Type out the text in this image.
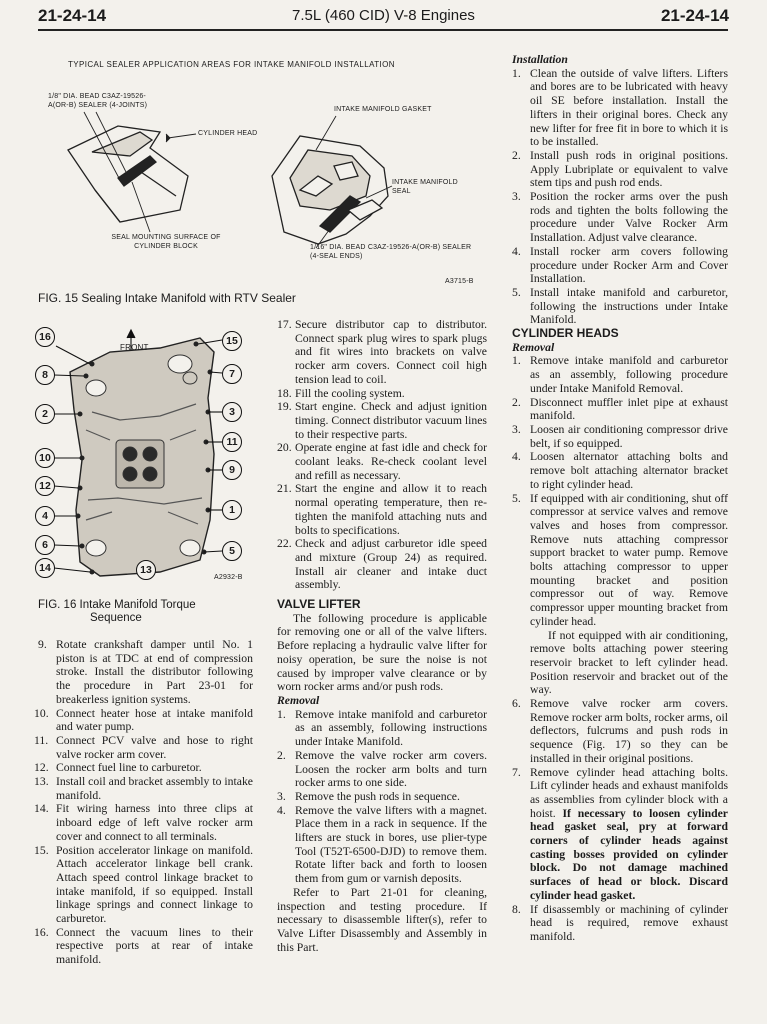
21-24-14	7.5L (460 CID) V-8 Engines	21-24-14
TYPICAL SEALER APPLICATION AREAS FOR INTAKE MANIFOLD INSTALLATION
1/8" DIA. BEAD C3AZ-19526-A(OR-B) SEALER (4-JOINTS)
CYLINDER HEAD
SEAL MOUNTING SURFACE OF CYLINDER BLOCK
INTAKE MANIFOLD GASKET
INTAKE MANIFOLD SEAL
1/16" DIA. BEAD C3AZ-19526-A(OR-B) SEALER (4-SEAL ENDS)
A3715-B
FIG. 15 Sealing Intake Manifold with RTV Sealer
FRONT
16	15
8	7
2	3
11
10
9
12
1
4
6	5
14	13
A2932-B
FIG. 16 Intake Manifold Torque
Sequence

9. Rotate crankshaft damper until No. 1 piston is at TDC at end of compression stroke. Install the distributor following the procedure in Part 23-01 for breakerless ignition systems.

10. Connect heater hose at intake manifold and water pump.

11. Connect PCV valve and hose to right valve rocker arm cover.

12. Connect fuel line to carburetor.

13. Install coil and bracket assembly to intake manifold.

14. Fit wiring harness into three clips at inboard edge of left valve rocker arm cover and connect to all terminals.

15. Position accelerator linkage on manifold. Attach accelerator linkage bell crank. Attach speed control linkage bracket to intake manifold, if so equipped. Install linkage springs and connect linkage to carburetor.

16. Connect the vacuum lines to their respective ports at rear of intake manifold.

17. Secure distributor cap to distributor. Connect spark plug wires to spark plugs and fit wires into brackets on valve rocker arm covers. Connect coil high tension lead to coil.

18. Fill the cooling system.

19. Start engine. Check and adjust ignition timing. Connect distributor vacuum lines to their respective parts.

20. Operate engine at fast idle and check for coolant leaks. Re-check coolant level and refill as necessary.

21. Start the engine and allow it to reach normal operating temperature, then re-tighten the manifold attaching nuts and bolts to specifications.

22. Check and adjust carburetor idle speed and mixture (Group 24) as required. Install air cleaner and intake duct assembly.

VALVE LIFTER

The following procedure is applicable for removing one or all of the valve lifters. Before replacing a hydraulic valve lifter for noisy operation, be sure the noise is not caused by improper valve clearance or by worn rocker arms and/or push rods.

Removal

1. Remove intake manifold and carburetor as an assembly, following instructions under Intake Manifold.

2. Remove the valve rocker arm covers. Loosen the rocker arm bolts and turn rocker arms to one side.

3. Remove the push rods in sequence.

4. Remove the valve lifters with a magnet. Place them in a rack in sequence. If the lifters are stuck in bores, use plier-type Tool (T52T-6500-DJD) to remove them. Rotate lifter back and forth to loosen them from gum or varnish deposits.

Refer to Part 21-01 for cleaning, inspection and testing procedure. If necessary to disassemble lifter(s), refer to Valve Lifter Disassembly and Assembly in this Part.

Installation

1. Clean the outside of valve lifters. Lifters and bores are to be lubricated with heavy oil SE before installation. Install the lifters in their original bores. Check any new lifter for free fit in bore to which it is to be installed.

2. Install push rods in original positions. Apply Lubriplate or equivalent to valve stem tips and push rod ends.

3. Position the rocker arms over the push rods and tighten the bolts following the procedure under Valve Rocker Arm Installation. Adjust valve clearance.

4. Install rocker arm covers following procedure under Rocker Arm and Cover Installation.

5. Install intake manifold and carburetor, following the instructions under Intake Manifold.

CYLINDER HEADS

Removal

1. Remove intake manifold and carburetor as an assembly, following procedure under Intake Manifold Removal.

2. Disconnect muffler inlet pipe at exhaust manifold.

3. Loosen air conditioning compressor drive belt, if so equipped.

4. Loosen alternator attaching bolts and remove bolt attaching alternator bracket to right cylinder head.

5. If equipped with air conditioning, shut off compressor at service valves and remove valves and hoses from compressor. Remove nuts attaching compressor support bracket to water pump. Remove bolts attaching compressor to upper mounting bracket and position compressor out of way. Remove compressor upper mounting bracket from cylinder head.

If not equipped with air conditioning, remove bolts attaching power steering reservoir bracket to left cylinder head. Position reservoir and bracket out of the way.

6. Remove valve rocker arm covers. Remove rocker arm bolts, rocker arms, oil deflectors, fulcrums and push rods in sequence (Fig. 17) so they can be installed in their original positions.

7. Remove cylinder head attaching bolts. Lift cylinder heads and exhaust manifolds as assemblies from cylinder block with a hoist. If necessary to loosen cylinder head gasket seal, pry at forward corners of cylinder heads against casting bosses provided on cylinder block. Do not damage machined surfaces of head or block. Discard cylinder head gasket.

8. If disassembly or machining of cylinder head is required, remove exhaust manifold.
